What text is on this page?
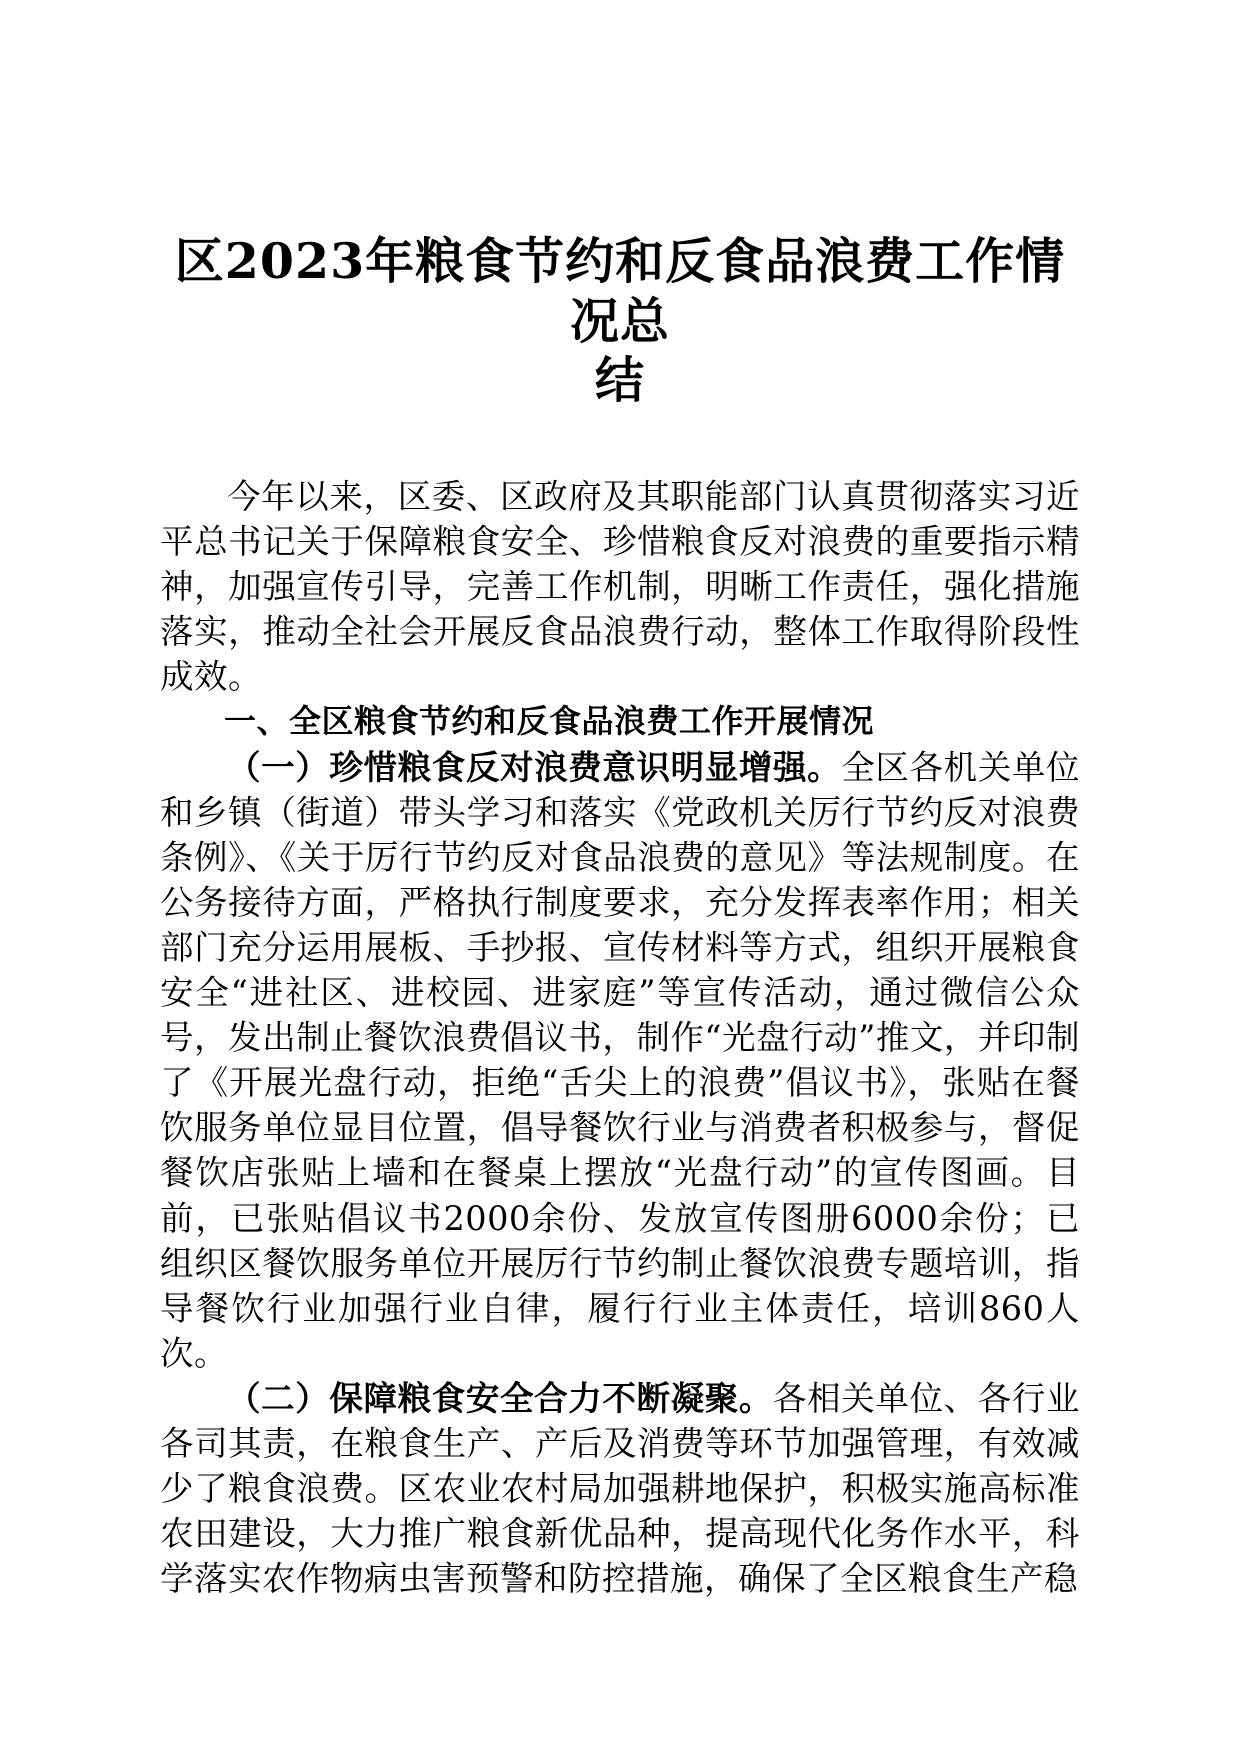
区2023年粮食节约和反食品浪费工作情况总
结

今年以来，区委、区政府及其职能部门认真贯彻落实习近平总书记关于保障粮食安全、珍惜粮食反对浪费的重要指示精神，加强宣传引导，完善工作机制，明晰工作责任，强化措施落实，推动全社会开展反食品浪费行动，整体工作取得阶段性成效。

一、全区粮食节约和反食品浪费工作开展情况

（一）珍惜粮食反对浪费意识明显增强。全区各机关单位和乡镇（街道）带头学习和落实《党政机关厉行节约反对浪费条例》、《关于厉行节约反对食品浪费的意见》等法规制度。在公务接待方面，严格执行制度要求，充分发挥表率作用；相关部门充分运用展板、手抄报、宣传材料等方式，组织开展粮食安全“进社区、进校园、进家庭”等宣传活动，通过微信公众号，发出制止餐饮浪费倡议书，制作“光盘行动”推文，并印制了《开展光盘行动，拒绝“舌尖上的浪费”倡议书》，张贴在餐饮服务单位显目位置，倡导餐饮行业与消费者积极参与，督促餐饮店张贴上墙和在餐桌上摆放“光盘行动”的宣传图画。目前，已张贴倡议书2000余份、发放宣传图册6000余份；已组织区餐饮服务单位开展厉行节约制止餐饮浪费专题培训，指导餐饮行业加强行业自律，履行行业主体责任，培训860人次。

（二）保障粮食安全合力不断凝聚。各相关单位、各行业各司其责，在粮食生产、产后及消费等环节加强管理，有效减少了粮食浪费。区农业农村局加强耕地保护，积极实施高标准农田建设，大力推广粮食新优品种，提高现代化务作水平，科学落实农作物病虫害预警和防控措施，确保了全区粮食生产稳
